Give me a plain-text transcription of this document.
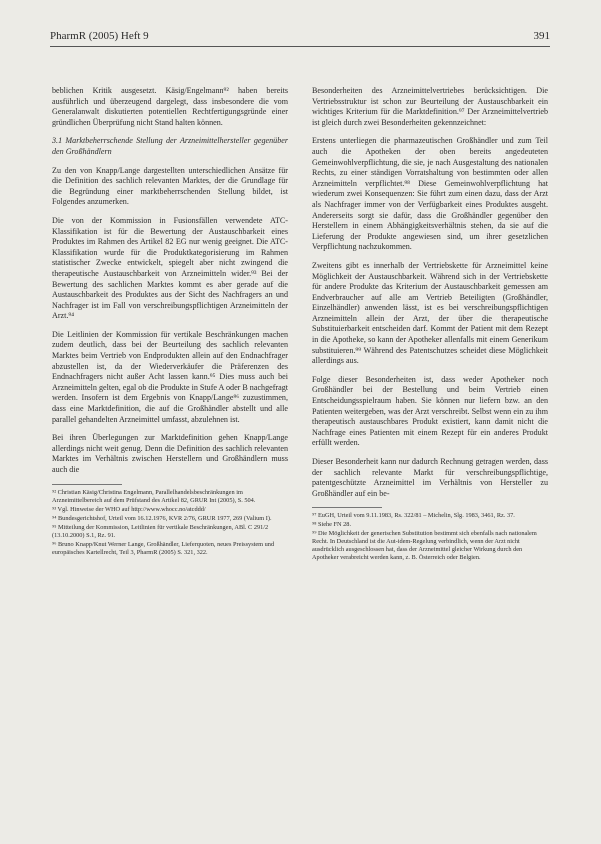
PharmR (2005) Heft 9	391

beblichen Kritik ausgesetzt. Käsig/Engelmann⁹² haben bereits ausführlich und überzeugend dargelegt, dass insbesondere die vom Generalanwalt diskutierten potentiellen Rechtfertigungsgründe einer gründlichen Überprüfung nicht Stand halten können.

3.1 Marktbeherrschende Stellung der Arzneimittelhersteller gegenüber den Großhändlern

Zu den von Knapp/Lange dargestellten unterschiedlichen Ansätze für die Definition des sachlich relevanten Marktes, der die Grundlage für die Begründung einer marktbeherrschenden Stellung bildet, ist Folgendes anzumerken.

Die von der Kommission in Fusionsfällen verwendete ATC-Klassifikation ist für die Bewertung der Austauschbarkeit eines Produktes im Rahmen des Artikel 82 EG nur wenig geeignet. Die ATC-Klassifikation wurde für die Produktkategorisierung im Rahmen statistischer Zwecke entwickelt, spiegelt aber nicht zwingend die therapeutische Austauschbarkeit von Arzneimitteln wider.⁹³ Bei der Bewertung des sachlichen Marktes kommt es aber gerade auf die Austauschbarkeit des Produktes aus der Sicht des Nachfragers an und Nachfrager ist im Fall von verschreibungspflichtigen Arzneimitteln der Arzt.⁹⁴

Die Leitlinien der Kommission für vertikale Beschränkungen machen zudem deutlich, dass bei der Beurteilung des sachlich relevanten Marktes beim Vertrieb von Endprodukten allein auf den Endnachfrager abzustellen ist, da der Wiederverkäufer die Präferenzen des Endnachfragers nicht außer Acht lassen kann.⁹⁵ Dies muss auch bei Arzneimitteln gelten, egal ob die Produkte in Stufe A oder B nachgefragt werden. Insofern ist dem Ergebnis von Knapp/Lange⁹⁶ zuzustimmen, dass eine Marktdefinition, die auf die Großhändler abstellt und alle parallel gehandelten Arzneimittel umfasst, abzulehnen ist.

Bei ihren Überlegungen zur Marktdefinition gehen Knapp/Lange allerdings nicht weit genug. Denn die Definition des sachlich relevanten Marktes im Verhältnis zwischen Herstellern und Großhändlern muss auch die

⁹² Christian Käsig/Christina Engelmann, Parallelhandelsbeschränkungen im Arzneimittelbereich auf dem Prüfstand des Artikel 82, GRUR Int (2005), S. 504.
⁹³ Vgl. Hinweise der WHO auf http://www.whocc.no/atcddd/
⁹⁴ Bundesgerichtshof, Urteil vom 16.12.1976, KVR 2/76, GRUR 1977, 269 (Valium I).
⁹⁵ Mitteilung der Kommission, Leitlinien für vertikale Beschränkungen, ABl. C 291/2 (13.10.2000) S.1, Rz. 91.
⁹⁶ Bruno Knapp/Knut Werner Lange, Großhändler, Lieferquoten, neues Preissystem und europäisches Kartellrecht, Teil 3, PharmR (2005) S. 321, 322.

Besonderheiten des Arzneimittelvertriebes berücksichtigen. Die Vertriebsstruktur ist schon zur Beurteilung der Austauschbarkeit ein wichtiges Kriterium für die Marktdefinition.⁹⁷ Der Arzneimittelvertrieb ist gleich durch zwei Besonderheiten gekennzeichnet:

Erstens unterliegen die pharmazeutischen Großhändler und zum Teil auch die Apotheken der oben bereits angedeuteten Gemeinwohlverpflichtung, die sie, je nach Ausgestaltung des nationalen Rechts, zu einer ständigen Vorratshaltung von bestimmten oder allen Arzneimitteln verpflichtet.⁹⁸ Diese Gemeinwohlverpflichtung hat wiederum zwei Konsequenzen: Sie führt zum einen dazu, dass der Arzt als Nachfrager immer von der Verfügbarkeit eines Produktes ausgeht. Andererseits sorgt sie dafür, dass die Großhändler gegenüber den Herstellern in einem Abhängigkeitsverhältnis stehen, da sie auf die Lieferung der Produkte angewiesen sind, um ihrer gesetzlichen Verpflichtung nachzukommen.

Zweitens gibt es innerhalb der Vertriebskette für Arzneimittel keine Möglichkeit der Austauschbarkeit. Während sich in der Vertriebskette für andere Produkte das Kriterium der Austauschbarkeit gemessen am Endverbraucher auf alle am Vertrieb Beteiligten (Großhändler, Einzelhändler) anwenden lässt, ist es bei verschreibungspflichtigen Arzneimitteln allein der Arzt, der über die therapeutische Substituierbarkeit entscheiden darf. Kommt der Patient mit dem Rezept in die Apotheke, so kann der Apotheker allenfalls mit einem Generikum substituieren.⁹⁹ Während des Patentschutzes scheidet diese Möglichkeit allerdings aus.

Folge dieser Besonderheiten ist, dass weder Apotheker noch Großhändler bei der Bestellung und beim Vertrieb einen Entscheidungsspielraum haben. Sie können nur liefern bzw. an den Patienten weitergeben, was der Arzt verschreibt. Selbst wenn ein zu ihm therapeutisch austauschbares Produkt existiert, kann damit nicht die Nachfrage eines Patienten mit einem Rezept für ein anderes Produkt erfüllt werden.

Dieser Besonderheit kann nur dadurch Rechnung getragen werden, dass der sachlich relevante Markt für verschreibungspflichtige, patentgeschützte Arzneimittel im Verhältnis von Hersteller zu Großhändler auf ein be-

⁹⁷ EuGH, Urteil vom 9.11.1983, Rs. 322/81 – Michelin, Slg. 1983, 3461, Rz. 37.
⁹⁸ Siehe FN 28.
⁹⁹ Die Möglichkeit der generischen Substitution bestimmt sich ebenfalls nach nationalem Recht. In Deutschland ist die Aut-idem-Regelung verbindlich, wenn der Arzt nicht ausdrücklich ausgeschlossen hat, dass der Arzneimittel gleicher Wirkung durch den Apotheker verabreicht werden kann, z. B. Österreich oder Belgien.
